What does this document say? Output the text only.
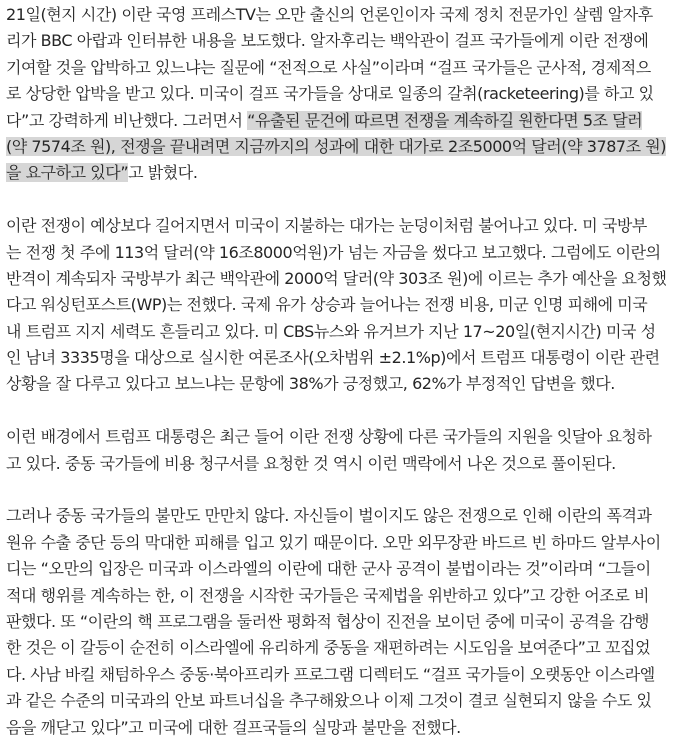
21일(현지 시간) 이란 국영 프레스TV는 오만 출신의 언론인이자 국제 정치 전문가인 살렘 알자후
리가 BBC 아랍과 인터뷰한 내용을 보도했다. 알자후리는 백악관이 걸프 국가들에게 이란 전쟁에
기여할 것을 압박하고 있느냐는 질문에 “전적으로 사실”이라며 “걸프 국가들은 군사적, 경제적으
로 상당한 압박을 받고 있다. 미국이 걸프 국가들을 상대로 일종의 갈취(racketeering)를 하고 있
다”고 강력하게 비난했다. 그러면서 “유출된 문건에 따르면 전쟁을 계속하길 원한다면 5조 달러
(약 7574조 원), 전쟁을 끝내려면 지금까지의 성과에 대한 대가로 2조5000억 달러(약 3787조 원)
을 요구하고 있다”고 밝혔다.
이란 전쟁이 예상보다 길어지면서 미국이 지불하는 대가는 눈덩이처럼 불어나고 있다. 미 국방부
는 전쟁 첫 주에 113억 달러(약 16조8000억원)가 넘는 자금을 썼다고 보고했다. 그럼에도 이란의
반격이 계속되자 국방부가 최근 백악관에 2000억 달러(약 303조 원)에 이르는 추가 예산을 요청했
다고 워싱턴포스트(WP)는 전했다. 국제 유가 상승과 늘어나는 전쟁 비용, 미군 인명 피해에 미국
내 트럼프 지지 세력도 흔들리고 있다. 미 CBS뉴스와 유거브가 지난 17~20일(현지시간) 미국 성
인 남녀 3335명을 대상으로 실시한 여론조사(오차범위 ±2.1%p)에서 트럼프 대통령이 이란 관련
상황을 잘 다루고 있다고 보느냐는 문항에 38%가 긍정했고, 62%가 부정적인 답변을 했다.
이런 배경에서 트럼프 대통령은 최근 들어 이란 전쟁 상황에 다른 국가들의 지원을 잇달아 요청하
고 있다. 중동 국가들에 비용 청구서를 요청한 것 역시 이런 맥락에서 나온 것으로 풀이된다.
그러나 중동 국가들의 불만도 만만치 않다. 자신들이 벌이지도 않은 전쟁으로 인해 이란의 폭격과
원유 수출 중단 등의 막대한 피해를 입고 있기 때문이다. 오만 외무장관 바드르 빈 하마드 알부사이
디는 “오만의 입장은 미국과 이스라엘의 이란에 대한 군사 공격이 불법이라는 것”이라며 “그들이
적대 행위를 계속하는 한, 이 전쟁을 시작한 국가들은 국제법을 위반하고 있다”고 강한 어조로 비
판했다. 또 “이란의 핵 프로그램을 둘러싼 평화적 협상이 진전을 보이던 중에 미국이 공격을 감행
한 것은 이 갈등이 순전히 이스라엘에 유리하게 중동을 재편하려는 시도임을 보여준다”고 꼬집었
다. 사남 바킬 채텀하우스 중동·북아프리카 프로그램 디렉터도 “걸프 국가들이 오랫동안 이스라엘
과 같은 수준의 미국과의 안보 파트너십을 추구해왔으나 이제 그것이 결코 실현되지 않을 수도 있
음을 깨닫고 있다”고 미국에 대한 걸프국들의 실망과 불만을 전했다.
